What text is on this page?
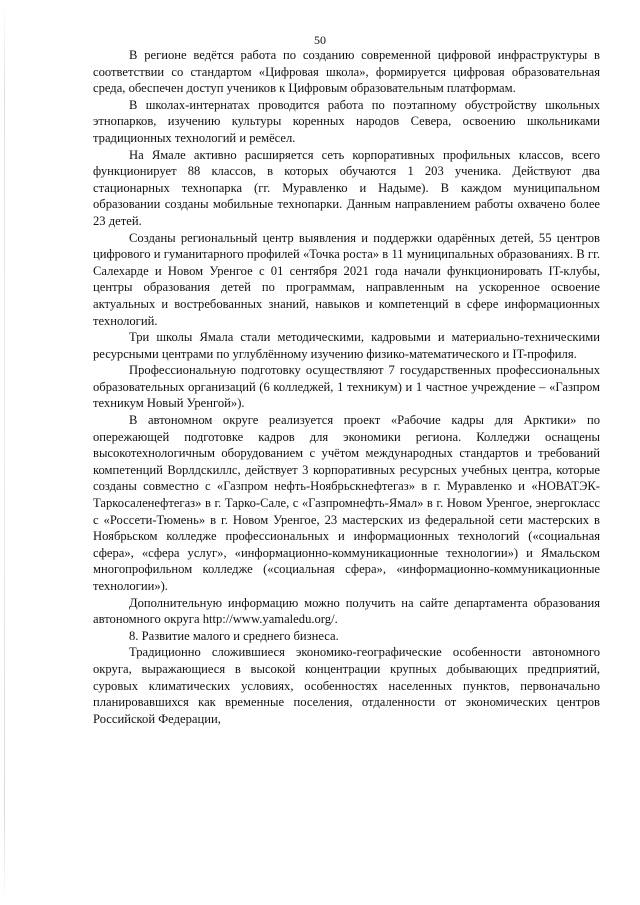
50

В регионе ведётся работа по созданию современной цифровой инфраструктуры в соответствии со стандартом «Цифровая школа», формируется цифровая образовательная среда, обеспечен доступ учеников к Цифровым образовательным платформам.

В школах-интернатах проводится работа по поэтапному обустройству школьных этнопарков, изучению культуры коренных народов Севера, освоению школьниками традиционных технологий и ремёсел.

На Ямале активно расширяется сеть корпоративных профильных классов, всего функционирует 88 классов, в которых обучаются 1 203 ученика. Действуют два стационарных технопарка (гг. Муравленко и Надыме). В каждом муниципальном образовании созданы мобильные технопарки. Данным направлением работы охвачено более 23 детей.

Созданы региональный центр выявления и поддержки одарённых детей, 55 центров цифрового и гуманитарного профилей «Точка роста» в 11 муниципальных образованиях. В гг. Салехарде и Новом Уренгое с 01 сентября 2021 года начали функционировать IT-клубы, центры образования детей по программам, направленным на ускоренное освоение актуальных и востребованных знаний, навыков и компетенций в сфере информационных технологий.

Три школы Ямала стали методическими, кадровыми и материально-техническими ресурсными центрами по углублённому изучению физико-математического и IT-профиля.

Профессиональную подготовку осуществляют 7 государственных профессиональных образовательных организаций (6 колледжей, 1 техникум) и 1 частное учреждение – «Газпром техникум Новый Уренгой»).

В автономном округе реализуется проект «Рабочие кадры для Арктики» по опережающей подготовке кадров для экономики региона. Колледжи оснащены высокотехнологичным оборудованием с учётом международных стандартов и требований компетенций Ворлдскиллс, действует 3 корпоративных ресурсных учебных центра, которые созданы совместно с «Газпром нефть-Ноябрьскнефтегаз» в г. Муравленко и «НОВАТЭК-Таркосаленефтегаз» в г. Тарко-Сале, с «Газпромнефть-Ямал» в г. Новом Уренгое, энергокласс с «Россети-Тюмень» в г. Новом Уренгое, 23 мастерских из федеральной сети мастерских в Ноябрьском колледже профессиональных и информационных технологий («социальная сфера», «сфера услуг», «информационно-коммуникационные технологии») и Ямальском многопрофильном колледже («социальная сфера», «информационно-коммуникационные технологии»).

Дополнительную информацию можно получить на сайте департамента образования автономного округа http://www.yamaledu.org/.

8. Развитие малого и среднего бизнеса.

Традиционно сложившиеся экономико-географические особенности автономного округа, выражающиеся в высокой концентрации крупных добывающих предприятий, суровых климатических условиях, особенностях населенных пунктов, первоначально планировавшихся как временные поселения, отдаленности от экономических центров Российской Федерации,
